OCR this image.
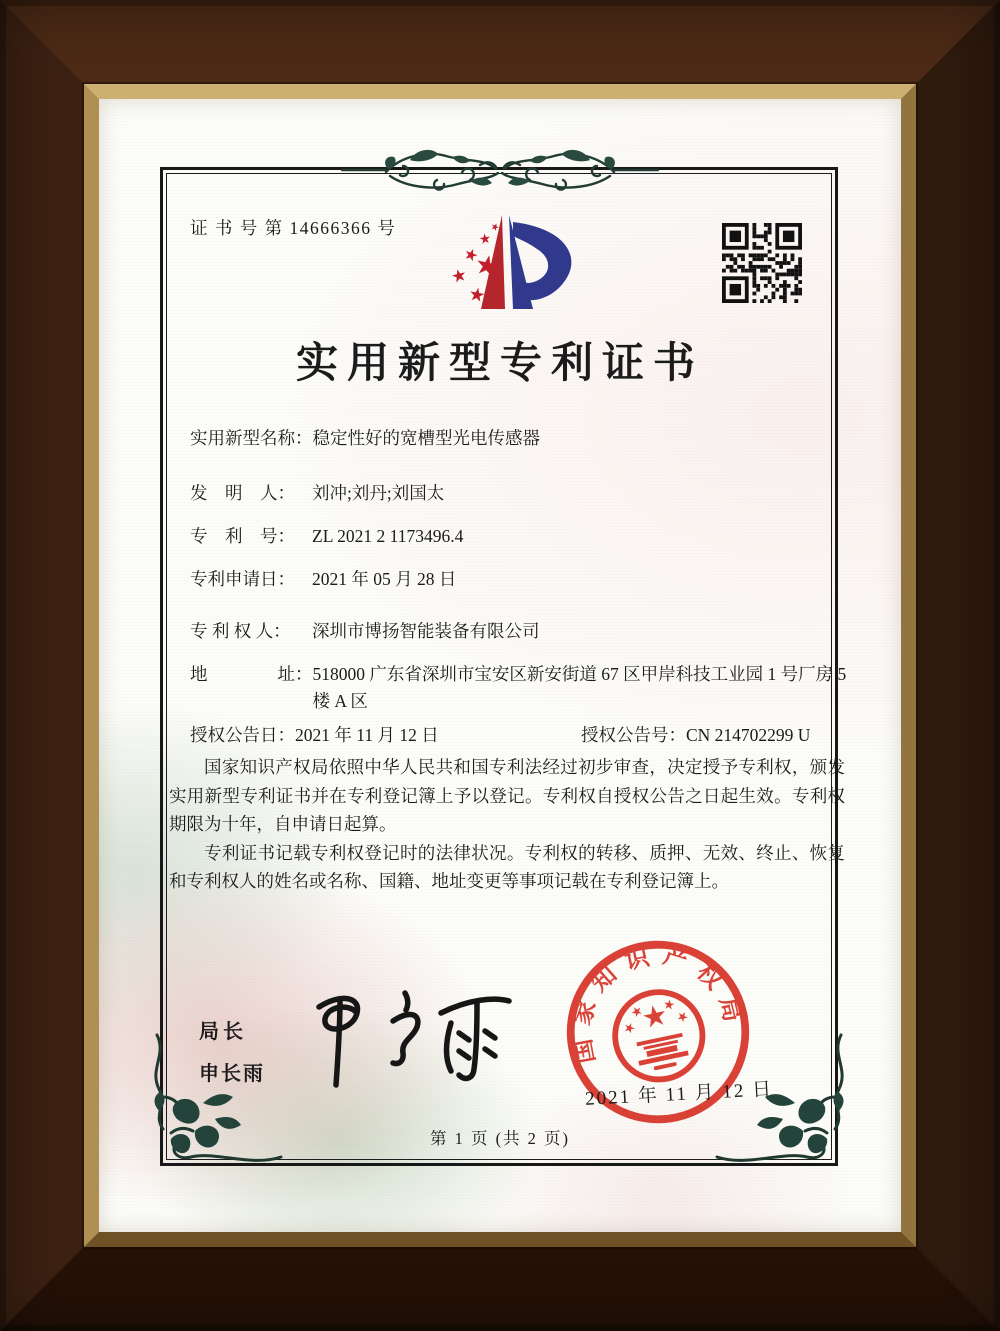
证 书 号 第 14666366 号
实用新型专利证书
实用新型名称： 稳定性好的宽槽型光电传感器
发　明　人： 刘冲;刘丹;刘国太
专　利　号： ZL 2021 2 1173496.4
专利申请日： 2021 年 05 月 28 日
专 利 权 人：	深圳市博扬智能装备有限公司
地　　　　址： 518000 广东省深圳市宝安区新安街道 67 区甲岸科技工业园 1 号厂房 5 楼 A 区
授权公告日： 2021 年 11 月 12 日	授权公告号： CN 214702299 U

国家知识产权局依照中华人民共和国专利法经过初步审查，决定授予专利权，颁发实用新型专利证书并在专利登记簿上予以登记。专利权自授权公告之日起生效。专利权期限为十年，自申请日起算。

专利证书记载专利权登记时的法律状况。专利权的转移、质押、无效、终止、恢复和专利权人的姓名或名称、国籍、地址变更等事项记载在专利登记簿上。

局长
申长雨
国家知识产权局
2021 年 11 月 12 日
第 1 页 (共 2 页)
